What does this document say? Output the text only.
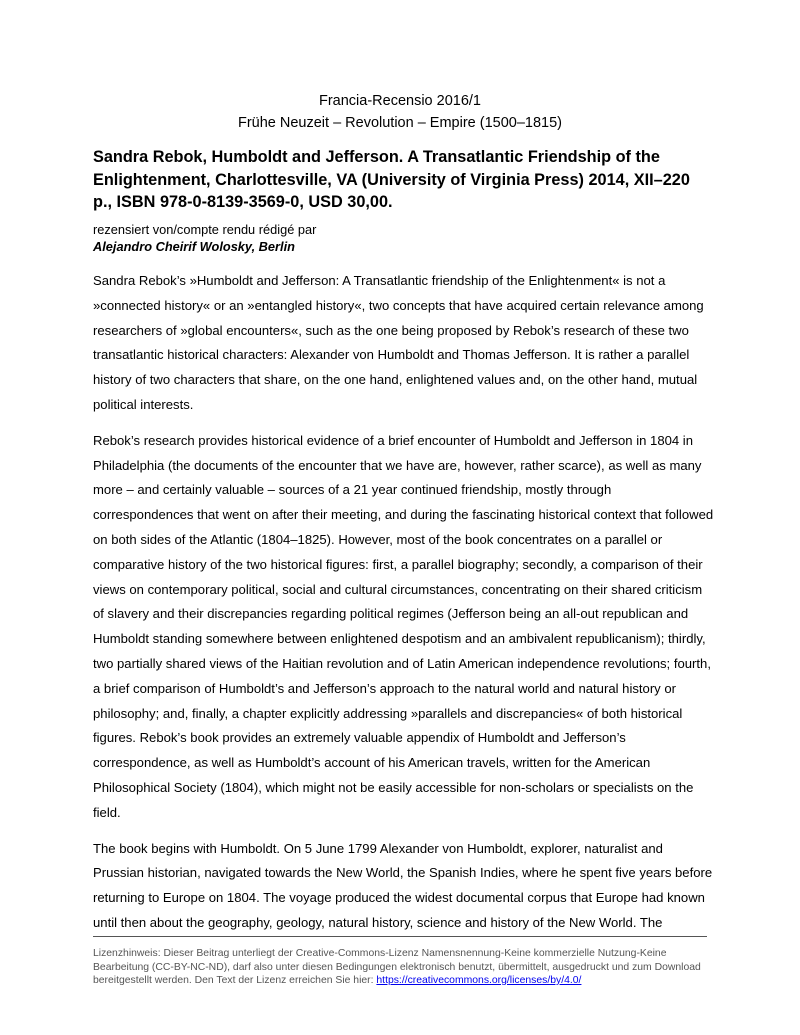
Francia-Recensio 2016/1
Frühe Neuzeit – Revolution – Empire (1500–1815)
Sandra Rebok, Humboldt and Jefferson. A Transatlantic Friendship of the Enlightenment, Charlottesville, VA (University of Virginia Press) 2014, XII–220 p., ISBN 978-0-8139-3569-0, USD 30,00.
rezensiert von/compte rendu rédigé par
Alejandro Cheirif Wolosky, Berlin

Sandra Rebok’s »Humboldt and Jefferson: A Transatlantic friendship of the Enlightenment« is not a »connected history« or an »entangled history«, two concepts that have acquired certain relevance among researchers of »global encounters«, such as the one being proposed by Rebok’s research of these two transatlantic historical characters: Alexander von Humboldt and Thomas Jefferson. It is rather a parallel history of two characters that share, on the one hand, enlightened values and, on the other hand, mutual political interests.

Rebok’s research provides historical evidence of a brief encounter of Humboldt and Jefferson in 1804 in Philadelphia (the documents of the encounter that we have are, however, rather scarce), as well as many more – and certainly valuable – sources of a 21 year continued friendship, mostly through correspondences that went on after their meeting, and during the fascinating historical context that followed on both sides of the Atlantic (1804–1825). However, most of the book concentrates on a parallel or comparative history of the two historical figures: first, a parallel biography; secondly, a comparison of their views on contemporary political, social and cultural circumstances, concentrating on their shared criticism of slavery and their discrepancies regarding political regimes (Jefferson being an all-out republican and Humboldt standing somewhere between enlightened despotism and an ambivalent republicanism); thirdly, two partially shared views of the Haitian revolution and of Latin American independence revolutions; fourth, a brief comparison of Humboldt’s and Jefferson’s approach to the natural world and natural history or philosophy; and, finally, a chapter explicitly addressing »parallels and discrepancies« of both historical figures. Rebok’s book provides an extremely valuable appendix of Humboldt and Jefferson’s correspondence, as well as Humboldt’s account of his American travels, written for the American Philosophical Society (1804), which might not be easily accessible for non-scholars or specialists on the field.

The book begins with Humboldt. On 5 June 1799 Alexander von Humboldt, explorer, naturalist and Prussian historian, navigated towards the New World, the Spanish Indies, where he spent five years before returning to Europe on 1804. The voyage produced the widest documental corpus that Europe had known until then about the geography, geology, natural history, science and history of the New World. The

Lizenzhinweis: Dieser Beitrag unterliegt der Creative-Commons-Lizenz Namensnennung-Keine kommerzielle Nutzung-Keine Bearbeitung (CC-BY-NC-ND), darf also unter diesen Bedingungen elektronisch benutzt, übermittelt, ausgedruckt und zum Download bereitgestellt werden. Den Text der Lizenz erreichen Sie hier: https://creativecommons.org/licenses/by/4.0/
